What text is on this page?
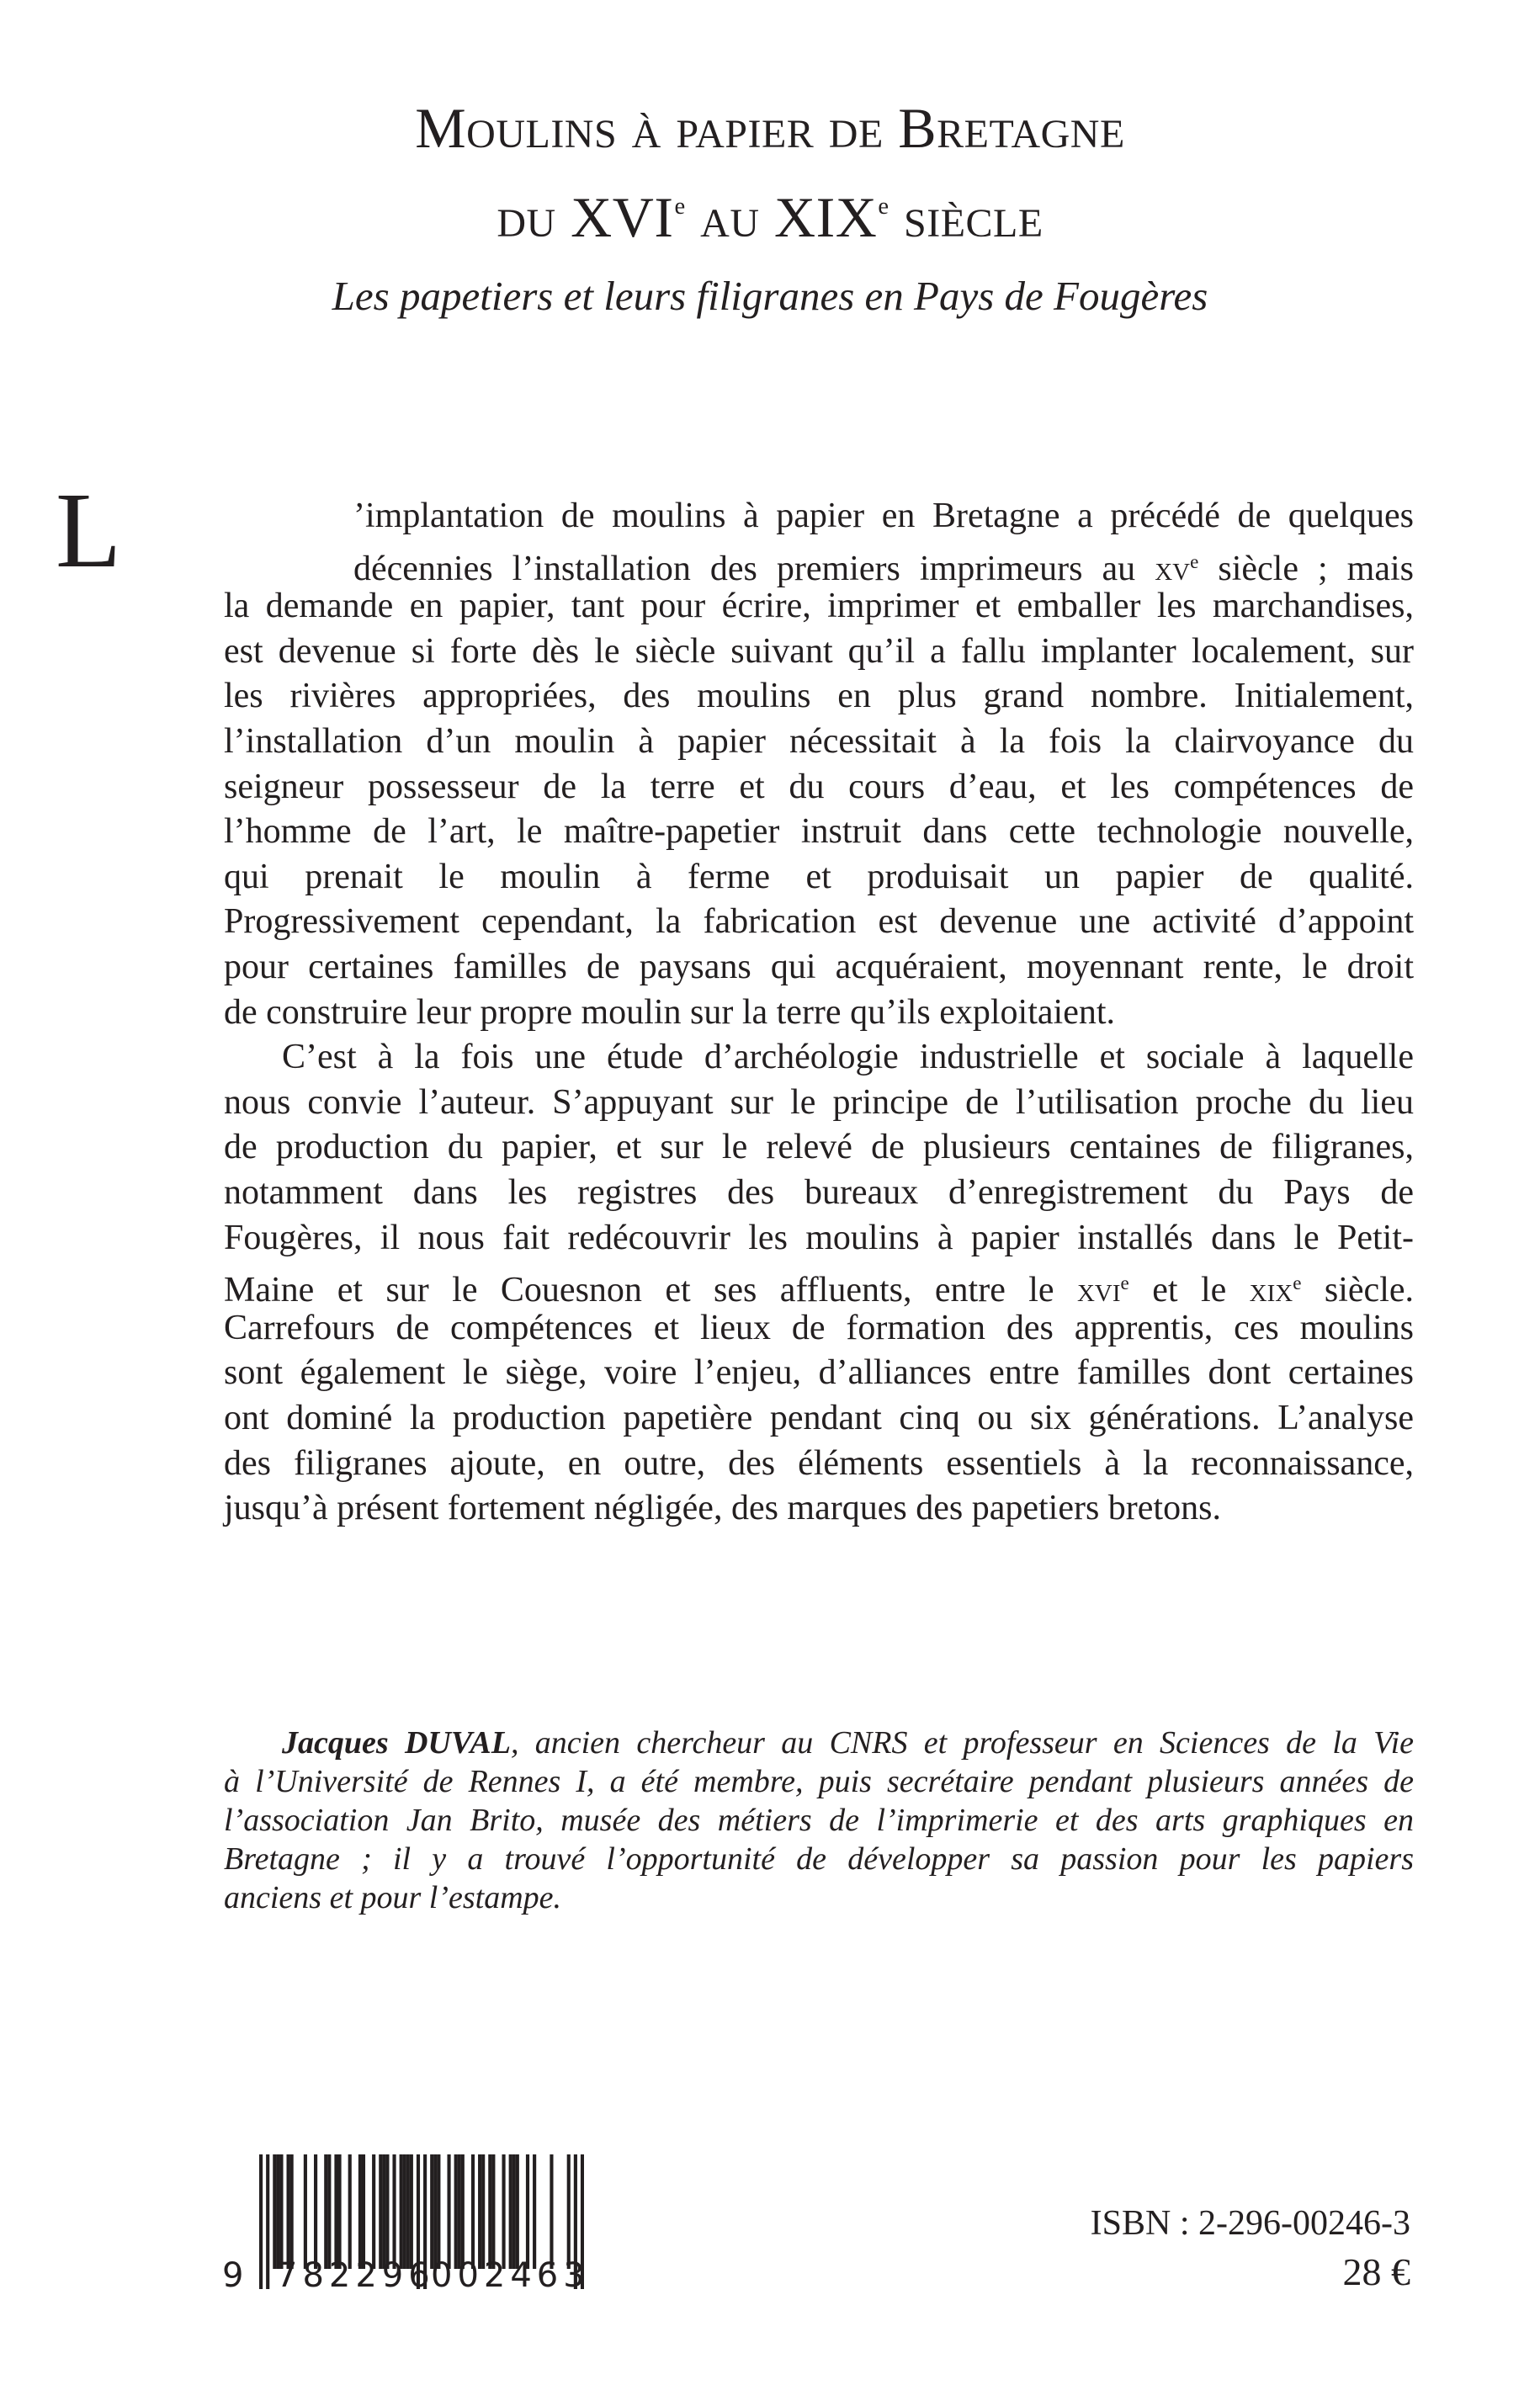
Moulins à papier de Bretagne
du XVIe au XIXe siècle
Les papetiers et leurs filigranes en Pays de Fougères
L	’implantation de moulins à papier en Bretagne a précédé de quelques
décennies l’installation des premiers imprimeurs au $xv^e$ siècle ; mais
la demande en papier, tant pour écrire, imprimer et emballer les marchandises,
est devenue si forte dès le siècle suivant qu’il a fallu implanter localement, sur
les rivières appropriées, des moulins en plus grand nombre. Initialement,
l’installation d’un moulin à papier nécessitait à la fois la clairvoyance du
seigneur possesseur de la terre et du cours d’eau, et les compétences de
l’homme de l’art, le maître-papetier instruit dans cette technologie nouvelle,
qui prenait le moulin à ferme et produisait un papier de qualité.
Progressivement cependant, la fabrication est devenue une activité d’appoint
pour certaines familles de paysans qui acquéraient, moyennant rente, le droit
de construire leur propre moulin sur la terre qu’ils exploitaient.
C’est à la fois une étude d’archéologie industrielle et sociale à laquelle
nous convie l’auteur. S’appuyant sur le principe de l’utilisation proche du lieu
de production du papier, et sur le relevé de plusieurs centaines de filigranes,
notamment dans les registres des bureaux d’enregistrement du Pays de
Fougères, il nous fait redécouvrir les moulins à papier installés dans le Petit-
Maine et sur le Couesnon et ses affluents, entre le xvi$^e$ et le xix$^e$ siècle.
Carrefours de compétences et lieux de formation des apprentis, ces moulins
sont également le siège, voire l’enjeu, d’alliances entre familles dont certaines
ont dominé la production papetière pendant cinq ou six générations. L’analyse
des filigranes ajoute, en outre, des éléments essentiels à la reconnaissance,
jusqu’à présent fortement négligée, des marques des papetiers bretons.
Jacques DUVAL, ancien chercheur au CNRS et professeur en Sciences de la Vie
à l’Université de Rennes I, a été membre, puis secrétaire pendant plusieurs années de
l’association Jan Brito, musée des métiers de l’imprimerie et des arts graphiques en
Bretagne ; il y a trouvé l’opportunité de développer sa passion pour les papiers
anciens et pour l’estampe.
9 782296
002463
ISBN : 2-296-00246-3
28 €
